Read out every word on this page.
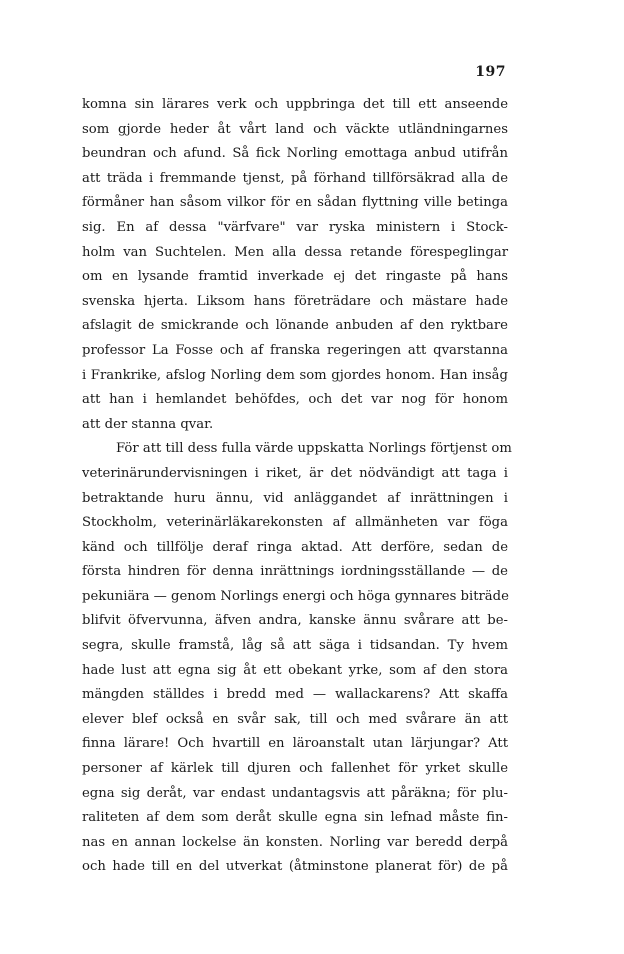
197
komna sin lärares verk och uppbringa det till ett anseende
som gjorde heder åt vårt land och väckte utländningarnes
beundran och afund. Så fick Norling emottaga anbud utifrån
att träda i fremmande tjenst, på förhand tillförsäkrad alla de
förmåner han såsom vilkor för en sådan flyttning ville betinga
sig. En af dessa "värfvare" var ryska ministern i Stock-
holm van Suchtelen. Men alla dessa retande förespeglingar
om en lysande framtid inverkade ej det ringaste på hans
svenska hjerta. Liksom hans företrädare och mästare hade
afslagit de smickrande och lönande anbuden af den ryktbare
professor La Fosse och af franska regeringen att qvarstanna
i Frankrike, afslog Norling dem som gjordes honom. Han insåg
att han i hemlandet behöfdes, och det var nog för honom
att der stanna qvar.
För att till dess fulla värde uppskatta Norlings förtjenst om
veterinärundervisningen i riket, är det nödvändigt att taga i
betraktande huru ännu, vid anläggandet af inrättningen i
Stockholm, veterinärläkarekonsten af allmänheten var föga
känd och tillfölje deraf ringa aktad. Att derföre, sedan de
första hindren för denna inrättnings iordningsställande — de
pekuniära — genom Norlings energi och höga gynnares biträde
blifvit öfvervunna, äfven andra, kanske ännu svårare att be-
segra, skulle framstå, låg så att säga i tidsandan. Ty hvem
hade lust att egna sig åt ett obekant yrke, som af den stora
mängden ställdes i bredd med — wallackarens? Att skaffa
elever blef också en svår sak, till och med svårare än att
finna lärare! Och hvartill en läroanstalt utan lärjungar? Att
personer af kärlek till djuren och fallenhet för yrket skulle
egna sig deråt, var endast undantagsvis att påräkna; för plu-
raliteten af dem som deråt skulle egna sin lefnad måste fin-
nas en annan lockelse än konsten. Norling var beredd derpå
och hade till en del utverkat (åtminstone planerat för) de på
